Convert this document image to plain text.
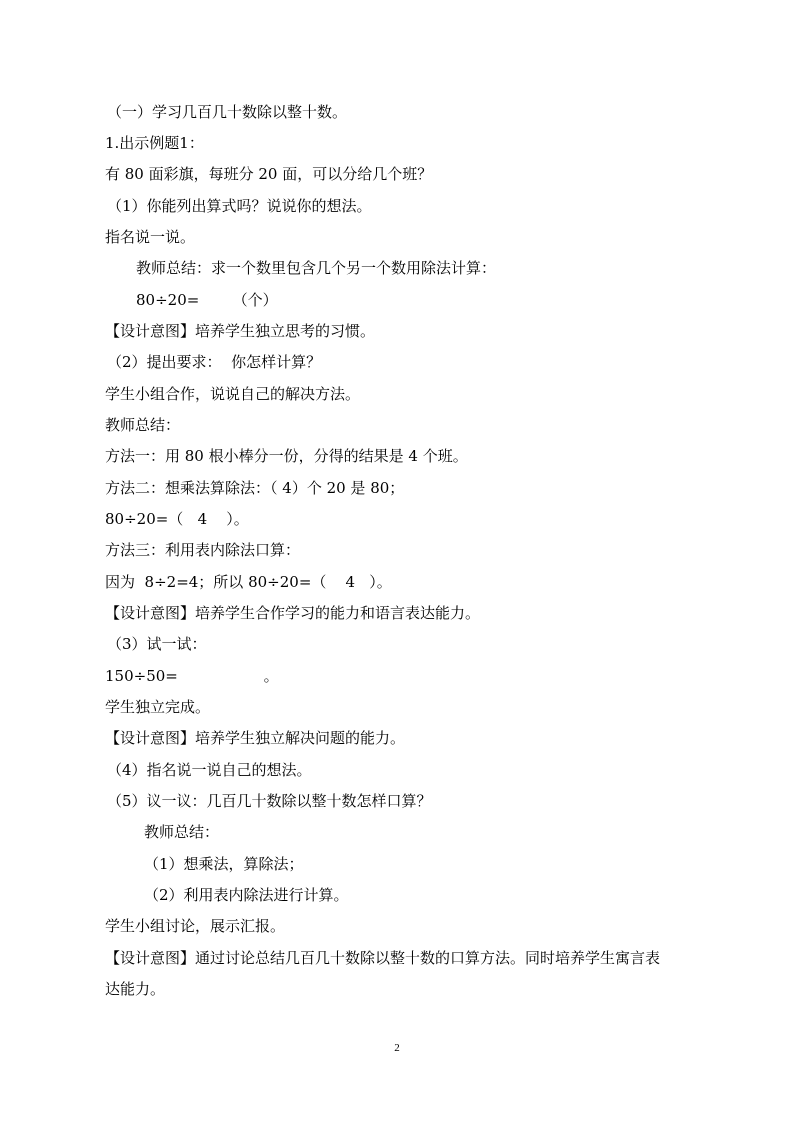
（一）学习几百几十数除以整十数。
1.出示例题1：
有 80 面彩旗，每班分 20 面，可以分给几个班？
（1）你能列出算式吗？说说你的想法。
指名说一说。
教师总结：求一个数里包含几个另一个数用除法计算：
80÷20=       （个）
【设计意图】培养学生独立思考的习惯。
（2）提出要求：  你怎样计算？
学生小组合作，说说自己的解决方法。
教师总结：
方法一：用 80 根小棒分一份，分得的结果是 4 个班。
方法二：想乘法算除法：（ 4）个 20 是 80；
80÷20=（   4    ）。
方法三：利用表内除法口算：
因为  8÷2=4；所以 80÷20=（    4   ）。
【设计意图】培养学生合作学习的能力和语言表达能力。
（3）试一试：
150÷50=                  。
学生独立完成。
【设计意图】培养学生独立解决问题的能力。
（4）指名说一说自己的想法。
（5）议一议：几百几十数除以整十数怎样口算？
教师总结：
（1）想乘法，算除法；
（2）利用表内除法进行计算。
学生小组讨论，展示汇报。
【设计意图】通过讨论总结几百几十数除以整十数的口算方法。同时培养学生寓言表
达能力。
2
